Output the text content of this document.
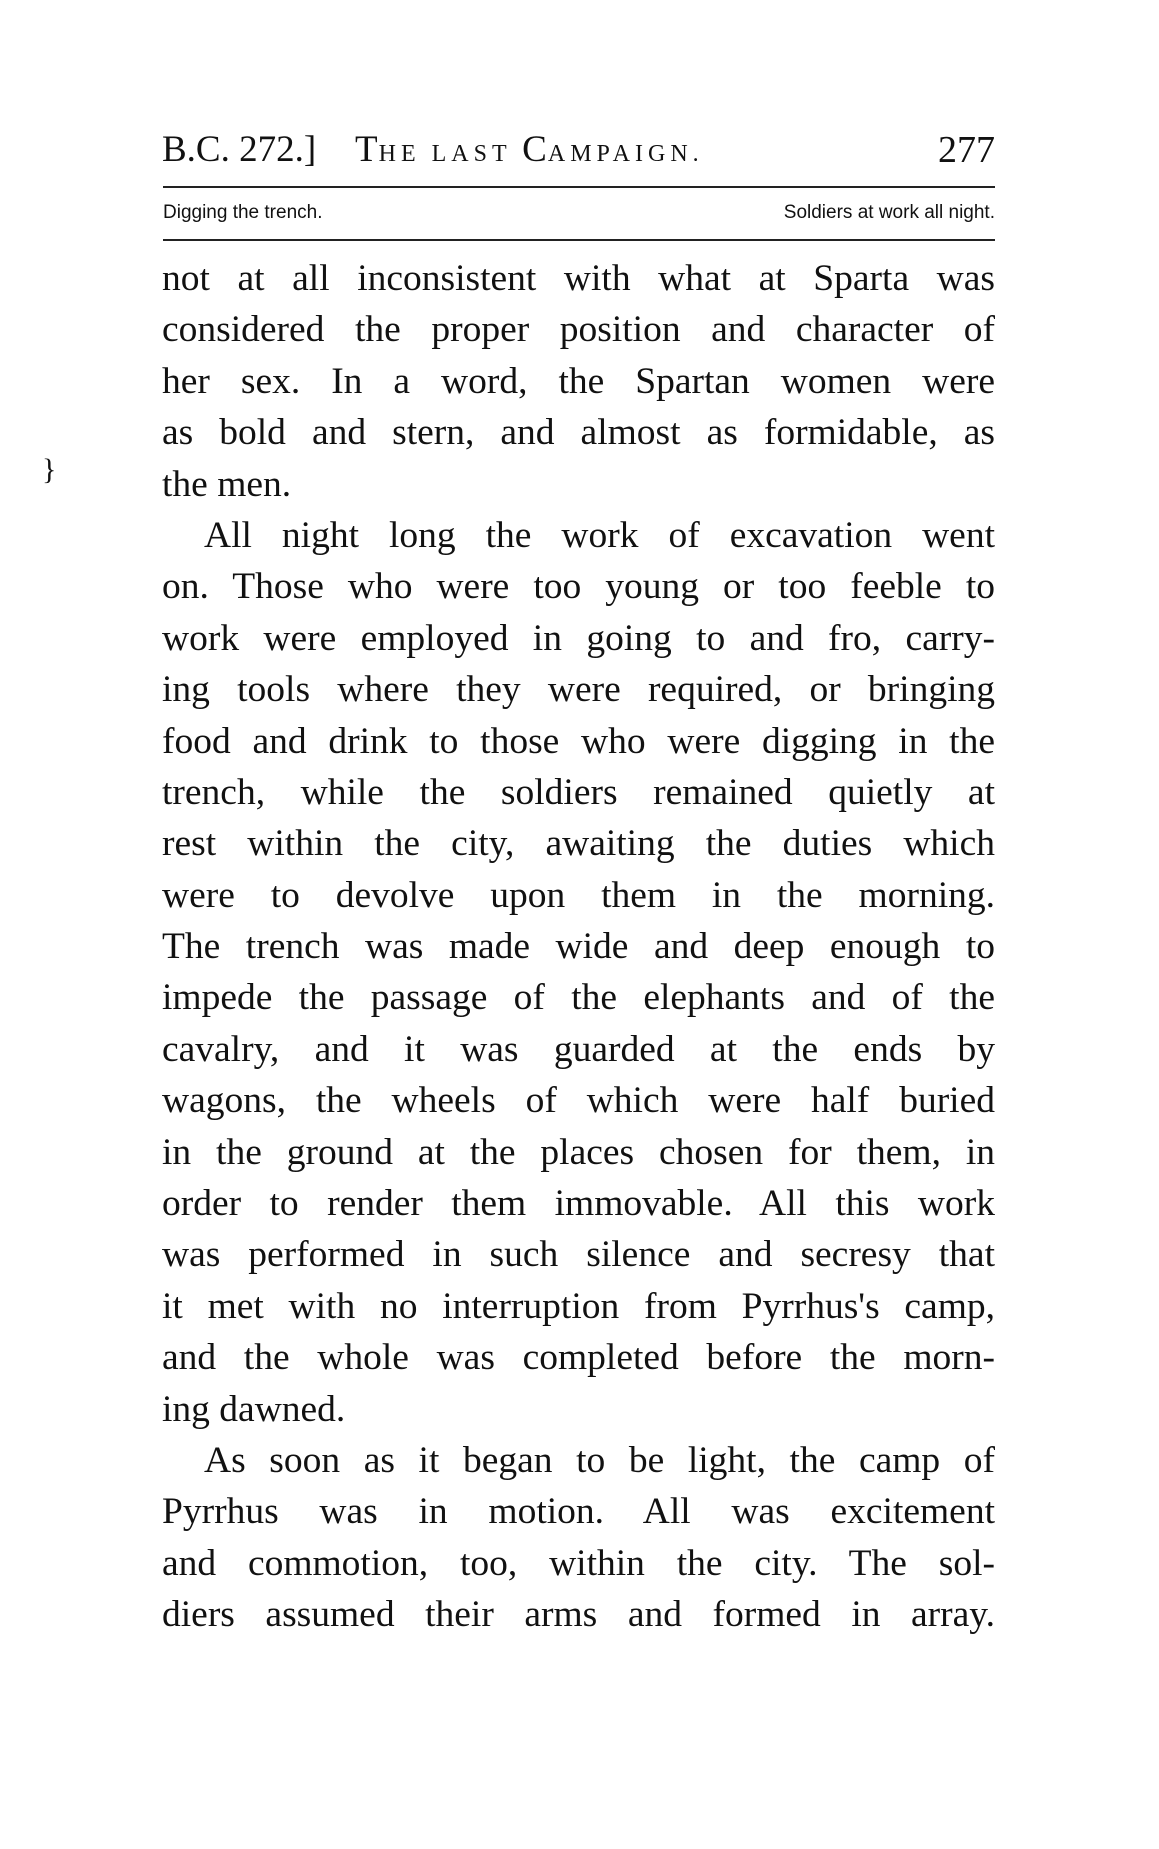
B.C. 272.] THE LAST CAMPAIGN.	277
Digging the trench.	Soldiers at work all night.
}
not at all inconsistent with what at Sparta was
considered the proper position and character of
her sex. In a word, the Spartan women were
as bold and stern, and almost as formidable, as
the men.
All night long the work of excavation went
on. Those who were too young or too feeble to
work were employed in going to and fro, carry-
ing tools where they were required, or bringing
food and drink to those who were digging in the
trench, while the soldiers remained quietly at
rest within the city, awaiting the duties which
were to devolve upon them in the morning.
The trench was made wide and deep enough to
impede the passage of the elephants and of the
cavalry, and it was guarded at the ends by
wagons, the wheels of which were half buried
in the ground at the places chosen for them, in
order to render them immovable. All this work
was performed in such silence and secresy that
it met with no interruption from Pyrrhus's camp,
and the whole was completed before the morn-
ing dawned.
As soon as it began to be light, the camp of
Pyrrhus was in motion. All was excitement
and commotion, too, within the city. The sol-
diers assumed their arms and formed in array.
